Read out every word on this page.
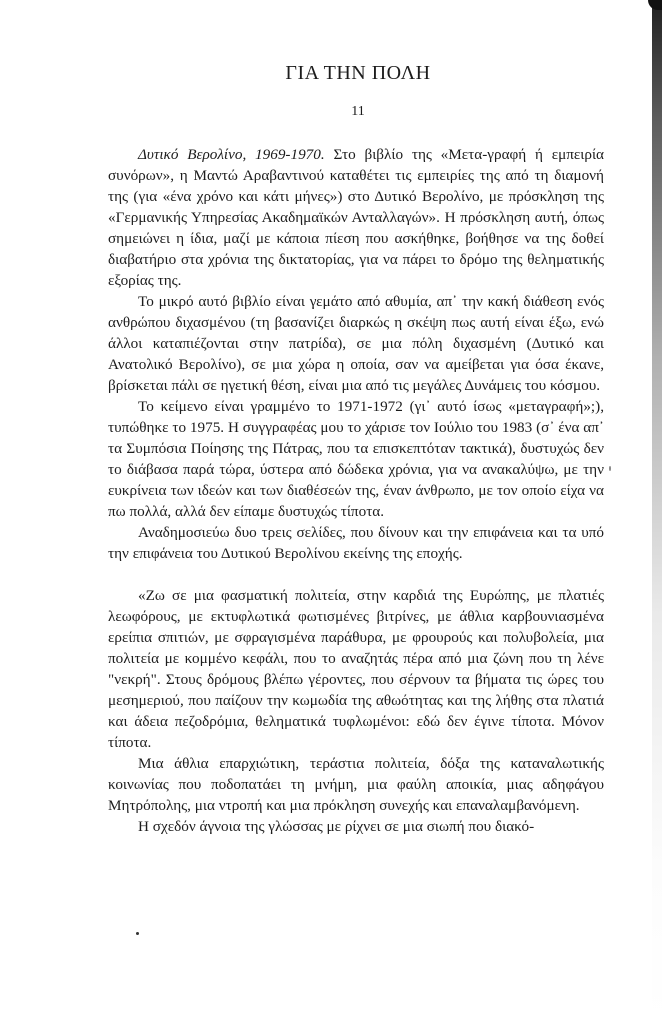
ΓΙΑ ΤΗΝ ΠΟΛΗ
11

Δυτικό Βερολίνο, 1969-1970. Στο βιβλίο της «Μετα-γραφή ή εμπειρία συνόρων», η Μαντώ Αραβαντινού καταθέτει τις εμπειρίες της από τη διαμονή της (για «ένα χρόνο και κάτι μήνες») στο Δυτικό Βερολίνο, με πρόσκληση της «Γερμανικής Υπηρεσίας Ακαδημαϊκών Ανταλλαγών». Η πρόσκληση αυτή, όπως σημειώνει η ίδια, μαζί με κάποια πίεση που ασκήθηκε, βοήθησε να της δοθεί διαβατήριο στα χρόνια της δικτατορίας, για να πάρει το δρόμο της θεληματικής εξορίας της.

Το μικρό αυτό βιβλίο είναι γεμάτο από αθυμία, απ᾽ την κακή διάθεση ενός ανθρώπου διχασμένου (τη βασανίζει διαρκώς η σκέψη πως αυτή είναι έξω, ενώ άλλοι καταπιέζονται στην πατρίδα), σε μια πόλη διχασμένη (Δυτικό και Ανατολικό Βερολίνο), σε μια χώρα η οποία, σαν να αμείβεται για όσα έκανε, βρίσκεται πάλι σε ηγετική θέση, είναι μια από τις μεγάλες Δυνάμεις του κόσμου.

Το κείμενο είναι γραμμένο το 1971-1972 (γι᾽ αυτό ίσως «μεταγραφή»;), τυπώθηκε το 1975. Η συγγραφέας μου το χάρισε τον Ιούλιο του 1983 (σ᾽ ένα απ᾽ τα Συμπόσια Ποίησης της Πάτρας, που τα επισκεπτόταν τακτικά), δυστυχώς δεν το διάβασα παρά τώρα, ύστερα από δώδεκα χρόνια, για να ανακαλύψω, με την ευκρίνεια των ιδεών και των διαθέσεών της, έναν άνθρωπο, με τον οποίο είχα να πω πολλά, αλλά δεν είπαμε δυστυχώς τίποτα.

Αναδημοσιεύω δυο τρεις σελίδες, που δίνουν και την επιφάνεια και τα υπό την επιφάνεια του Δυτικού Βερολίνου εκείνης της εποχής.

«Ζω σε μια φασματική πολιτεία, στην καρδιά της Ευρώπης, με πλατιές λεωφόρους, με εκτυφλωτικά φωτισμένες βιτρίνες, με άθλια καρβουνιασμένα ερείπια σπιτιών, με σφραγισμένα παράθυρα, με φρουρούς και πολυβολεία, μια πολιτεία με κομμένο κεφάλι, που το αναζητάς πέρα από μια ζώνη που τη λένε "νεκρή". Στους δρόμους βλέπω γέροντες, που σέρνουν τα βήματα τις ώρες του μεσημεριού, που παίζουν την κωμωδία της αθωότητας και της λήθης στα πλατιά και άδεια πεζοδρόμια, θεληματικά τυφλωμένοι: εδώ δεν έγινε τίποτα. Μόνον τίποτα.

Μια άθλια επαρχιώτικη, τεράστια πολιτεία, δόξα της καταναλωτικής κοινωνίας που ποδοπατάει τη μνήμη, μια φαύλη αποικία, μιας αδηφάγου Μητρόπολης, μια ντροπή και μια πρόκληση συνεχής και επαναλαμβανόμενη.

Η σχεδόν άγνοια της γλώσσας με ρίχνει σε μια σιωπή που διακό-
